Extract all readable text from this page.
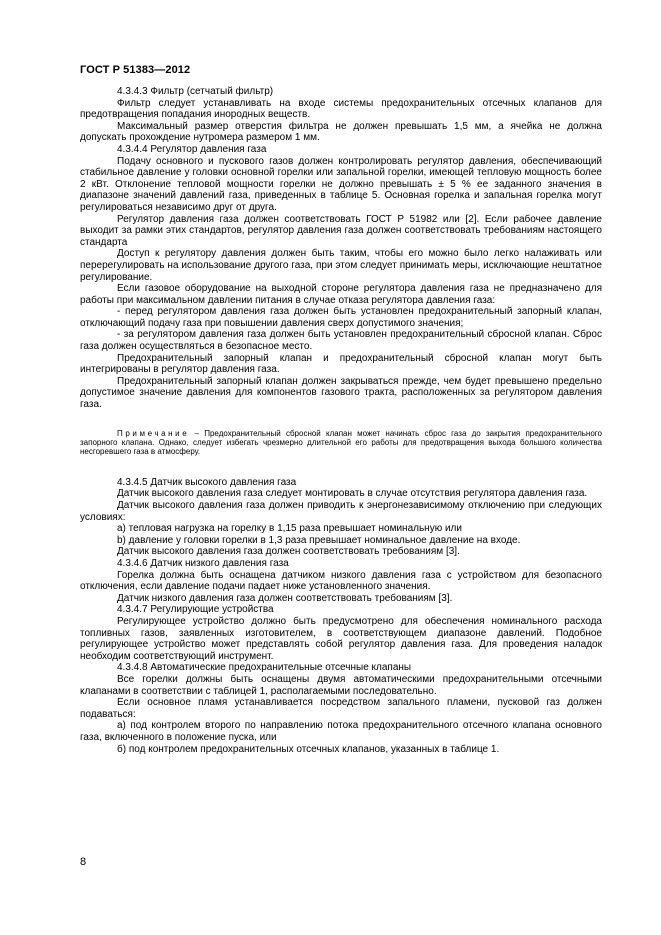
ГОСТ Р 51383—2012

4.3.4.3 Фильтр (сетчатый фильтр)

Фильтр следует устанавливать на входе системы предохранительных отсечных клапанов для предотвращения попадания инородных веществ.

Максимальный размер отверстия фильтра не должен превышать 1,5 мм, а ячейка не должна допускать прохождение нутромера размером 1 мм.

4.3.4.4 Регулятор давления газа

Подачу основного и пускового газов должен контролировать регулятор давления, обеспечивающий стабильное давление у головки основной горелки или запальной горелки, имеющей тепловую мощность более 2 кВт. Отклонение тепловой мощности горелки не должно превышать ± 5 % ее заданного значения в диапазоне значений давлений газа, приведенных в таблице 5. Основная горелка и запальная горелка могут регулироваться независимо друг от друга.

Регулятор давления газа должен соответствовать ГОСТ Р 51982 или [2]. Если рабочее давление выходит за рамки этих стандартов, регулятор давления газа должен соответствовать требованиям настоящего стандарта

Доступ к регулятору давления должен быть таким, чтобы его можно было легко налаживать или перерегулировать на использование другого газа, при этом следует принимать меры, исключающие нештатное регулирование.

Если газовое оборудование на выходной стороне регулятора давления газа не предназначено для работы при максимальном давлении питания в случае отказа регулятора давления газа:

- перед регулятором давления газа должен быть установлен предохранительный запорный клапан, отключающий подачу газа при повышении давления сверх допустимого значения;

- за регулятором давления газа должен быть установлен предохранительный сбросной клапан. Сброс газа должен осуществляться в безопасное место.

Предохранительный запорный клапан и предохранительный сбросной клапан могут быть интегрированы в регулятор давления газа.

Предохранительный запорный клапан должен закрываться прежде, чем будет превышено предельно допустимое значение давления для компонентов газового тракта, расположенных за регулятором давления газа.

Примечание – Предохранительный сбросной клапан может начинать сброс газа до закрытия предохранительного запорного клапана. Однако, следует избегать чрезмерно длительной его работы для предотвращения выхода большого количества несгоревшего газа в атмосферу.

4.3.4.5 Датчик высокого давления газа

Датчик высокого давления газа следует монтировать в случае отсутствия регулятора давления газа.

Датчик высокого давления газа должен приводить к энергонезависимому отключению при следующих условиях:

а) тепловая нагрузка на горелку в 1,15 раза превышает номинальную или

b) давление у головки горелки в 1,3 раза превышает номинальное давление на входе.

Датчик высокого давления газа должен соответствовать требованиям [3].

4.3.4.6 Датчик низкого давления газа

Горелка должна быть оснащена датчиком низкого давления газа с устройством для безопасного отключения, если давление подачи падает ниже установленного значения.

Датчик низкого давления газа должен соответствовать требованиям [3].

4.3.4.7 Регулирующие устройства

Регулирующее устройство должно быть предусмотрено для обеспечения номинального расхода топливных газов, заявленных изготовителем, в соответствующем диапазоне давлений. Подобное регулирующее устройство может представлять собой регулятор давления газа. Для проведения наладок необходим соответствующий инструмент.

4.3.4.8 Автоматические предохранительные отсечные клапаны

Все горелки должны быть оснащены двумя автоматическими предохранительными отсечными клапанами в соответствии с таблицей 1, располагаемыми последовательно.

Если основное пламя устанавливается посредством запального пламени, пусковой газ должен подаваться:

а) под контролем второго по направлению потока предохранительного отсечного клапана основного газа, включенного в положение пуска, или

б) под контролем предохранительных отсечных клапанов, указанных в таблице 1.

8
